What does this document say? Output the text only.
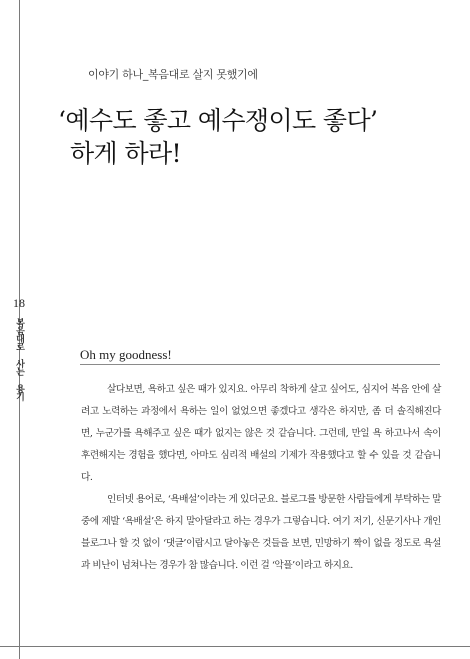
18
복음대로 사는 용기
이야기 하나_복음대로 살지 못했기에
‘예수도 좋고 예수쟁이도 좋다’
하게 하라!
Oh my goodness!

살다보면, 욕하고 싶은 때가 있지요. 아무리 착하게 살고 싶어도, 심지어 복음 안에 살려고 노력하는 과정에서 욕하는 일이 없었으면 좋겠다고 생각은 하지만, 좀 더 솔직해진다면, 누군가를 욕해주고 싶은 때가 없지는 않은 것 같습니다. 그런데, 만일 욕 하고나서 속이 후련해지는 경험을 했다면, 아마도 심리적 배설의 기제가 작용했다고 할 수 있을 것 같습니다.

인터넷 용어로, ‘욕배설’이라는 게 있더군요. 블로그를 방문한 사람들에게 부탁하는 말 중에 제발 ‘욕배설’은 하지 말아달라고 하는 경우가 그렇습니다. 여기 저기, 신문기사나 개인 블로그나 할 것 없이 ‘댓글’이랍시고 달아놓은 것들을 보면, 민망하기 짝이 없을 정도로 욕설과 비난이 넘쳐나는 경우가 참 많습니다. 이런 걸 ‘악플’이라고 하지요.
